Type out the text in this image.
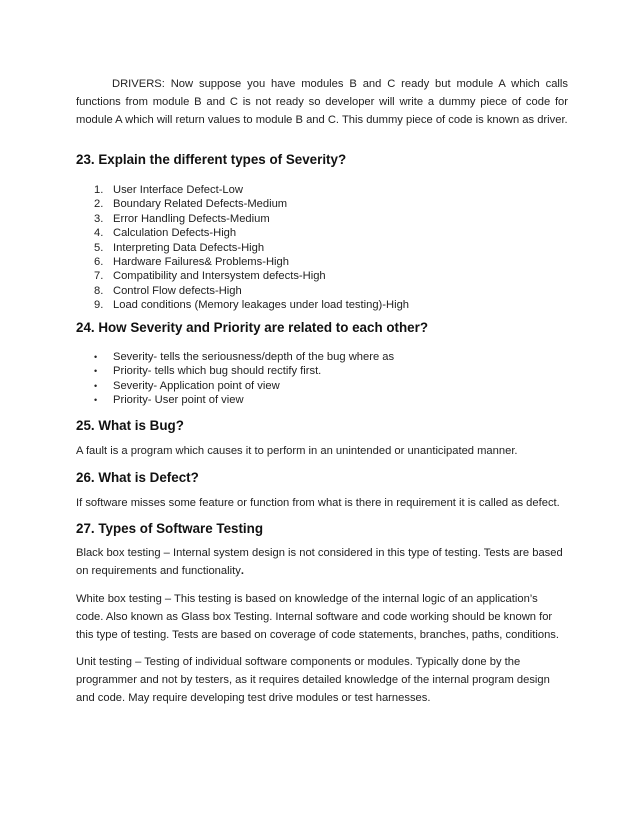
DRIVERS: Now suppose you have modules B and C ready but module A which calls functions from module B and C is not ready so developer will write a dummy piece of code for module A which will return values to module B and C. This dummy piece of code is known as driver.

23. Explain the different types of Severity?
1. User Interface Defect-Low
2. Boundary Related Defects-Medium
3. Error Handling Defects-Medium
4. Calculation Defects-High
5. Interpreting Data Defects-High
6. Hardware Failures& Problems-High
7. Compatibility and Intersystem defects-High
8. Control Flow defects-High
9. Load conditions (Memory leakages under load testing)-High
24. How Severity and Priority are related to each other?
•	Severity- tells the seriousness/depth of the bug where as
•	Priority- tells which bug should rectify first.
•	Severity- Application point of view
•	Priority- User point of view
25. What is Bug?

A fault is a program which causes it to perform in an unintended or unanticipated manner.

26. What is Defect?

If software misses some feature or function from what is there in requirement it is called as defect.

27. Types of Software Testing

Black box testing – Internal system design is not considered in this type of testing. Tests are based on requirements and functionality.

White box testing – This testing is based on knowledge of the internal logic of an application’s code. Also known as Glass box Testing. Internal software and code working should be known for this type of testing. Tests are based on coverage of code statements, branches, paths, conditions.

Unit testing – Testing of individual software components or modules. Typically done by the programmer and not by testers, as it requires detailed knowledge of the internal program design and code. May require developing test drive modules or test harnesses.
